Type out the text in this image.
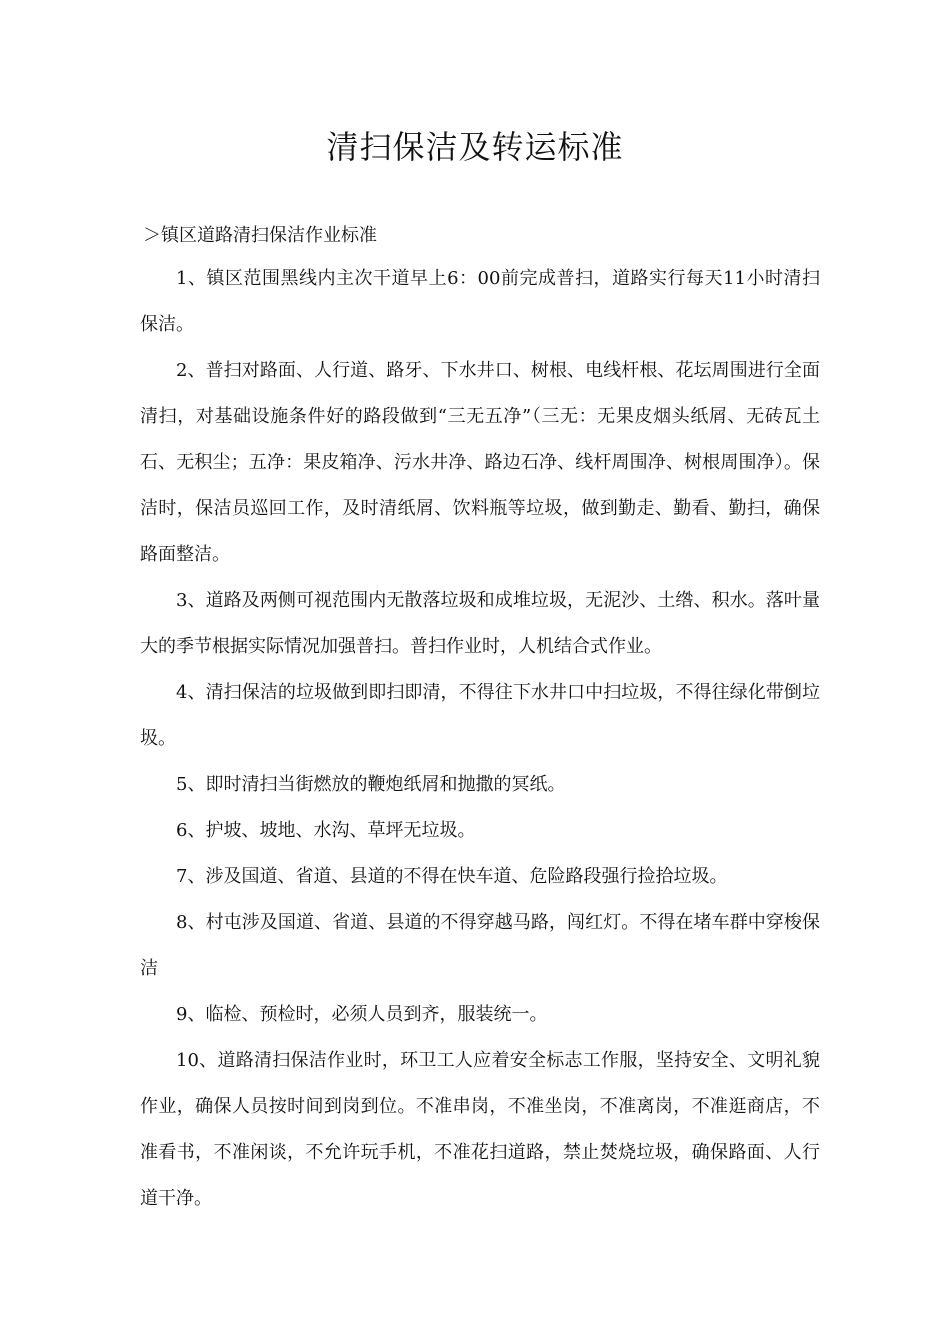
清扫保洁及转运标准

＞镇区道路清扫保洁作业标准

1、镇区范围黑线内主次干道早上6：00前完成普扫，道路实行每天11小时清扫保洁。

2、普扫对路面、人行道、路牙、下水井口、树根、电线杆根、花坛周围进行全面清扫，对基础设施条件好的路段做到“三无五净”（三无：无果皮烟头纸屑、无砖瓦土石、无积尘；五净：果皮箱净、污水井净、路边石净、线杆周围净、树根周围净）。保洁时，保洁员巡回工作，及时清纸屑、饮料瓶等垃圾，做到勤走、勤看、勤扫，确保路面整洁。

3、道路及两侧可视范围内无散落垃圾和成堆垃圾，无泥沙、土绺、积水。落叶量大的季节根据实际情况加强普扫。普扫作业时，人机结合式作业。

4、清扫保洁的垃圾做到即扫即清，不得往下水井口中扫垃圾，不得往绿化带倒垃圾。

5、即时清扫当街燃放的鞭炮纸屑和抛撒的冥纸。

6、护坡、坡地、水沟、草坪无垃圾。

7、涉及国道、省道、县道的不得在快车道、危险路段强行捡拾垃圾。

8、村屯涉及国道、省道、县道的不得穿越马路，闯红灯。不得在堵车群中穿梭保洁

9、临检、预检时，必须人员到齐，服装统一。

10、道路清扫保洁作业时，环卫工人应着安全标志工作服，坚持安全、文明礼貌作业，确保人员按时间到岗到位。不准串岗，不准坐岗，不准离岗，不准逛商店，不准看书，不准闲谈，不允许玩手机，不准花扫道路，禁止焚烧垃圾，确保路面、人行道干净。
